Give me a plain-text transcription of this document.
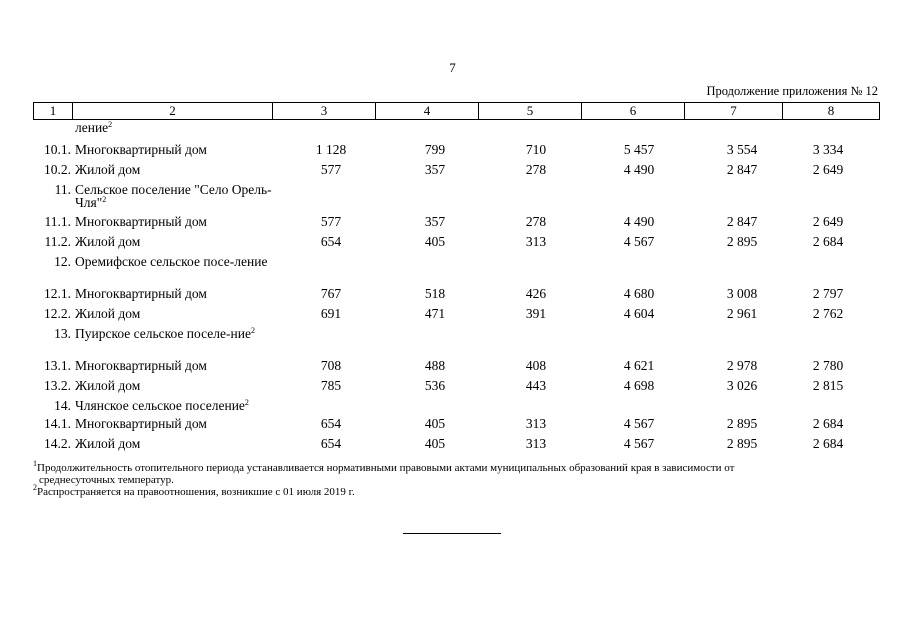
7
Продолжение приложения № 12
1	2	3	4	5	6	7	8
ление$^2$
10.1. Многоквартирный дом	1 128	799	710	5 457	3 554	3 334
10.2. Жилой дом	577	357	278	4 490	2 847	2 649
11. Сельское поселение "Село Орель-Чля"$^2$
11.1. Многоквартирный дом	577	357	278	4 490	2 847	2 649
11.2. Жилой дом	654	405	313	4 567	2 895	2 684
12. Оремифское сельское посе-ление
12.1. Многоквартирный дом	767	518	426	4 680	3 008	2 797
12.2. Жилой дом	691	471	391	4 604	2 961	2 762
13. Пуирское сельское поселе-ние$^2$
13.1. Многоквартирный дом	708	488	408	4 621	2 978	2 780
13.2. Жилой дом	785	536	443	4 698	3 026	2 815
14. Члянское сельское поселение$^2$
14.1. Многоквартирный дом	654	405	313	4 567	2 895	2 684
14.2. Жилой дом	654	405	313	4 567	2 895	2 684

$^1$Продолжительность отопительного периода устанавливается нормативными правовыми актами муниципальных образований края в зависимости от
среднесуточных температур.

$^2$Распространяется на правоотношения, возникшие с 01 июля 2019 г.
